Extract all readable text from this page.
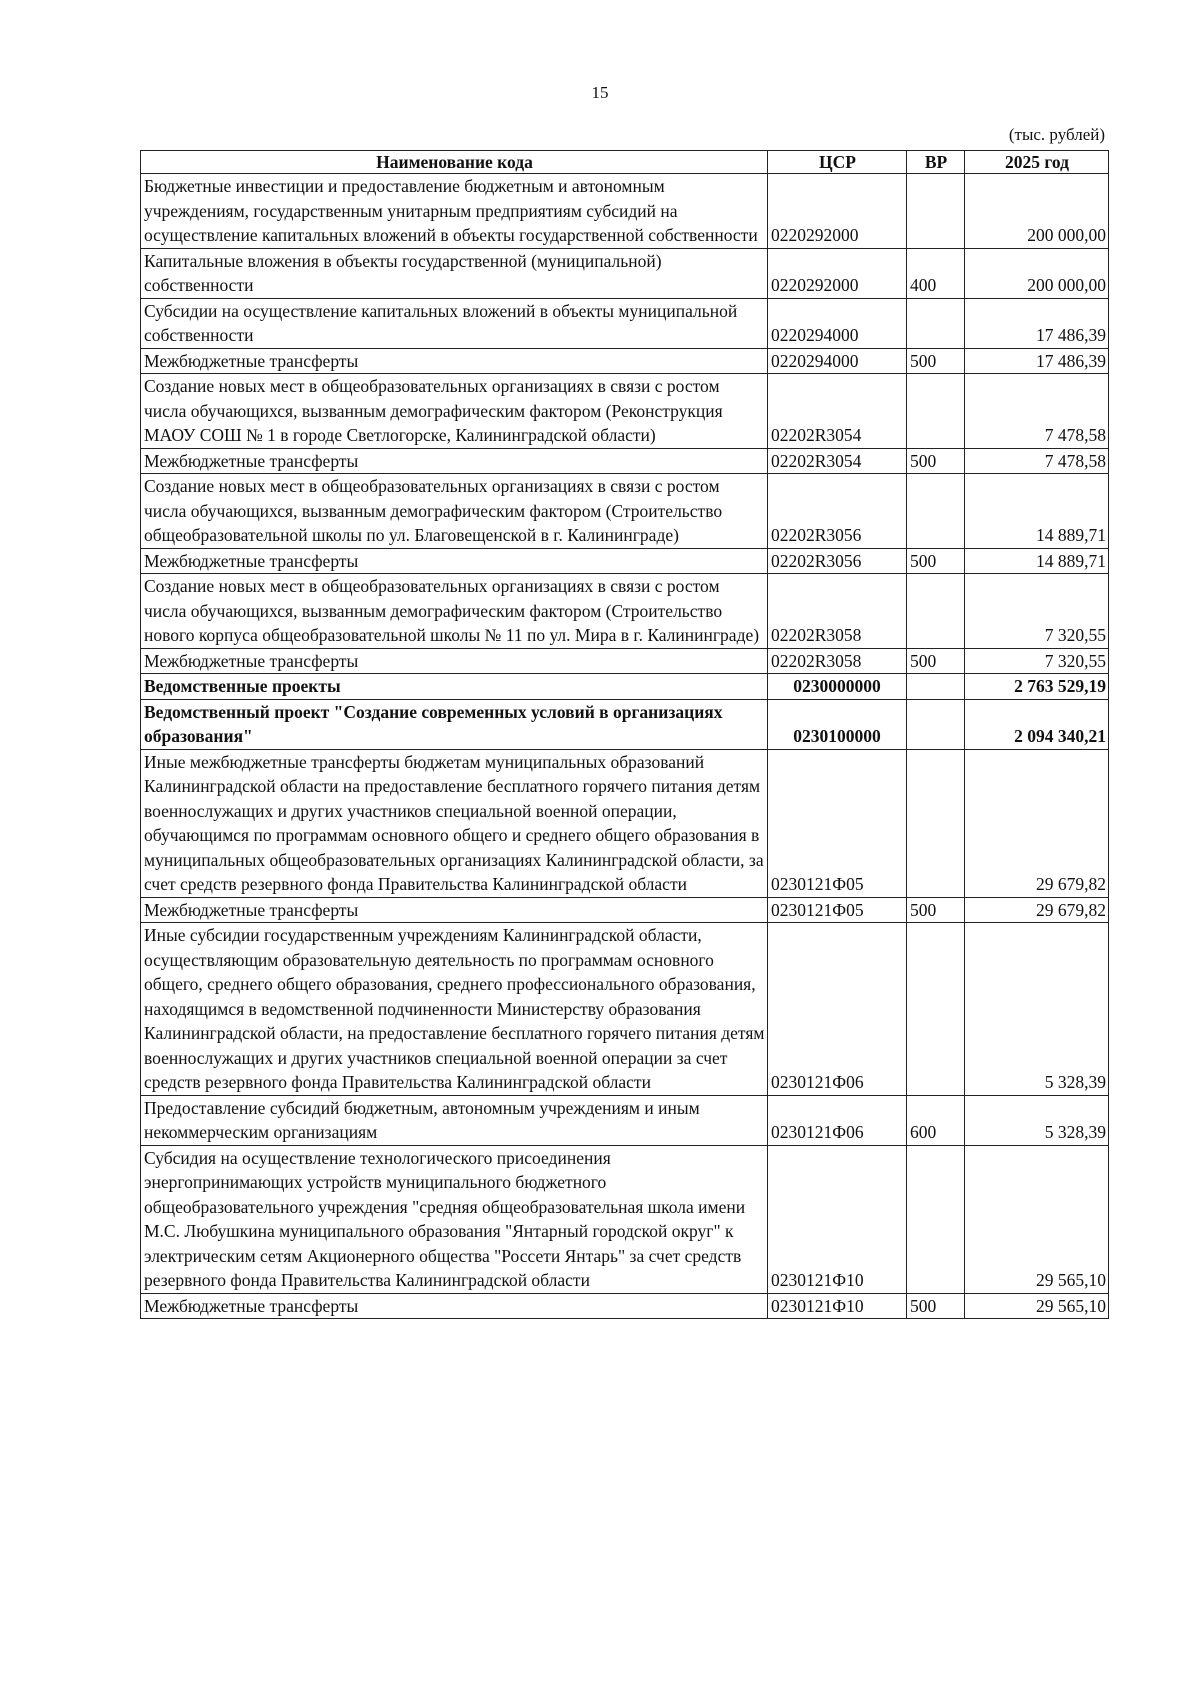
15
(тыс. рублей)
Наименование кода	ЦСР	ВР	2025 год
Бюджетные инвестиции и предоставление бюджетным и автономным учреждениям, государственным унитарным предприятиям субсидий на осуществление капитальных вложений в объекты государственной собственности	0220292000		200 000,00
Капитальные вложения в объекты государственной (муниципальной) собственности	0220292000	400	200 000,00
Субсидии на осуществление капитальных вложений в объекты муниципальной собственности	0220294000		17 486,39
Межбюджетные трансферты	0220294000	500	17 486,39
Создание новых мест в общеобразовательных организациях в связи с ростом числа обучающихся, вызванным демографическим фактором (Реконструкция МАОУ СОШ № 1 в городе Светлогорске, Калининградской области)	02202R3054		7 478,58
Межбюджетные трансферты	02202R3054	500	7 478,58
Создание новых мест в общеобразовательных организациях в связи с ростом числа обучающихся, вызванным демографическим фактором (Строительство общеобразовательной школы по ул. Благовещенской в г. Калининграде)	02202R3056		14 889,71
Межбюджетные трансферты	02202R3056	500	14 889,71
Создание новых мест в общеобразовательных организациях в связи с ростом числа обучающихся, вызванным демографическим фактором (Строительство нового корпуса общеобразовательной школы № 11 по ул. Мира в г. Калининграде)	02202R3058		7 320,55
Межбюджетные трансферты	02202R3058	500	7 320,55
Ведомственные проекты	0230000000		2 763 529,19
Ведомственный проект "Создание современных условий в организациях образования"	0230100000		2 094 340,21
Иные межбюджетные трансферты бюджетам муниципальных образований Калининградской области на предоставление бесплатного горячего питания детям военнослужащих и других участников специальной военной операции, обучающимся по программам основного общего и среднего общего образования в муниципальных общеобразовательных организациях Калининградской области, за счет средств резервного фонда Правительства Калининградской области	0230121Ф05		29 679,82
Межбюджетные трансферты	0230121Ф05	500	29 679,82
Иные субсидии государственным учреждениям Калининградской области, осуществляющим образовательную деятельность по программам основного общего, среднего общего образования, среднего профессионального образования, находящимся в ведомственной подчиненности Министерству образования Калининградской области, на предоставление бесплатного горячего питания детям военнослужащих и других участников специальной военной операции за счет средств резервного фонда Правительства Калининградской области	0230121Ф06		5 328,39
Предоставление субсидий бюджетным, автономным учреждениям и иным некоммерческим организациям	0230121Ф06	600	5 328,39
Субсидия на осуществление технологического присоединения энергопринимающих устройств муниципального бюджетного общеобразовательного учреждения "средняя общеобразовательная школа имени М.С. Любушкина муниципального образования "Янтарный городской округ" к электрическим сетям Акционерного общества "Россети Янтарь" за счет средств резервного фонда Правительства Калининградской области	0230121Ф10		29 565,10
Межбюджетные трансферты	0230121Ф10	500	29 565,10
